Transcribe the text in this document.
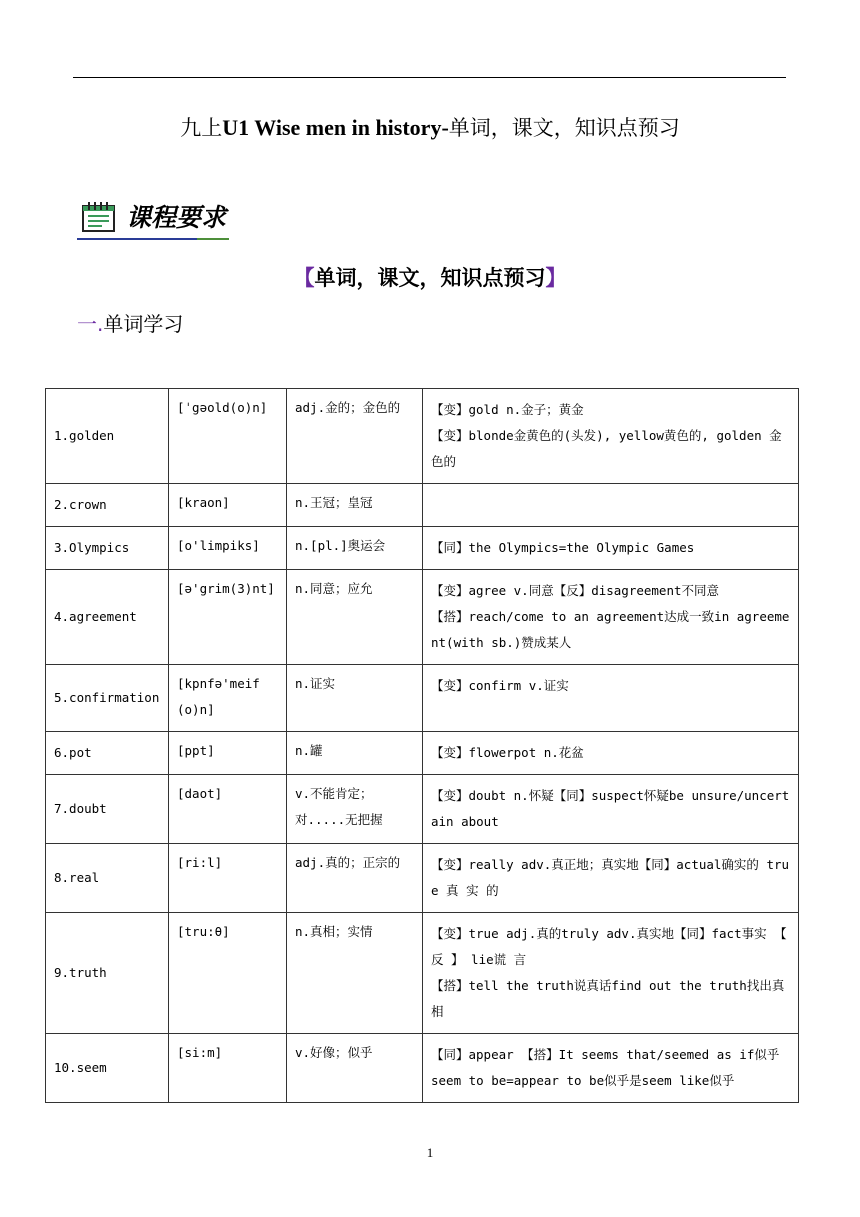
九上U1 Wise men in history-单词，课文，知识点预习
课程要求
【单词，课文，知识点预习】
一.单词学习
1.golden	[ˈgəold(o)n]	adj.金的；金色的	【变】gold n.金子；黄金
【变】blonde金黄色的(头发), yellow黄色的, golden 金色的

2.crown	[kraon]	n.王冠；皇冠	

3.Olympics	[o'limpiks]	n.[pl.]奥运会	【同】the Olympics=the Olympic Games

4.agreement	[ə'grim(3)nt]	n.同意；应允	【变】agree v.同意【反】disagreement不同意
【搭】reach/come to an agreement达成一致in agreement(with sb.)赞成某人

5.confirmation	[kpnfə'meif(o)n]	n.证实	【变】confirm v.证实

6.pot	[ppt]	n.罐	【变】flowerpot n.花盆

7.doubt	[daot]	v.不能肯定；对.....无把握	【变】doubt n.怀疑【同】suspect怀疑be unsure/uncertain about

8.real	[ri:l]	adj.真的；正宗的	【变】really adv.真正地；真实地【同】actual确实的 true 真 实 的

9.truth	[tru:θ]	n.真相；实情	【变】true adj.真的truly adv.真实地【同】fact事实 【 反 】 lie谎 言
【搭】tell the truth说真话find out the truth找出真相

10.seem	[si:m]	v.好像；似乎	【同】appear 【搭】It seems that/seemed as if似乎 seem to be=appear to be似乎是seem like似乎
1
